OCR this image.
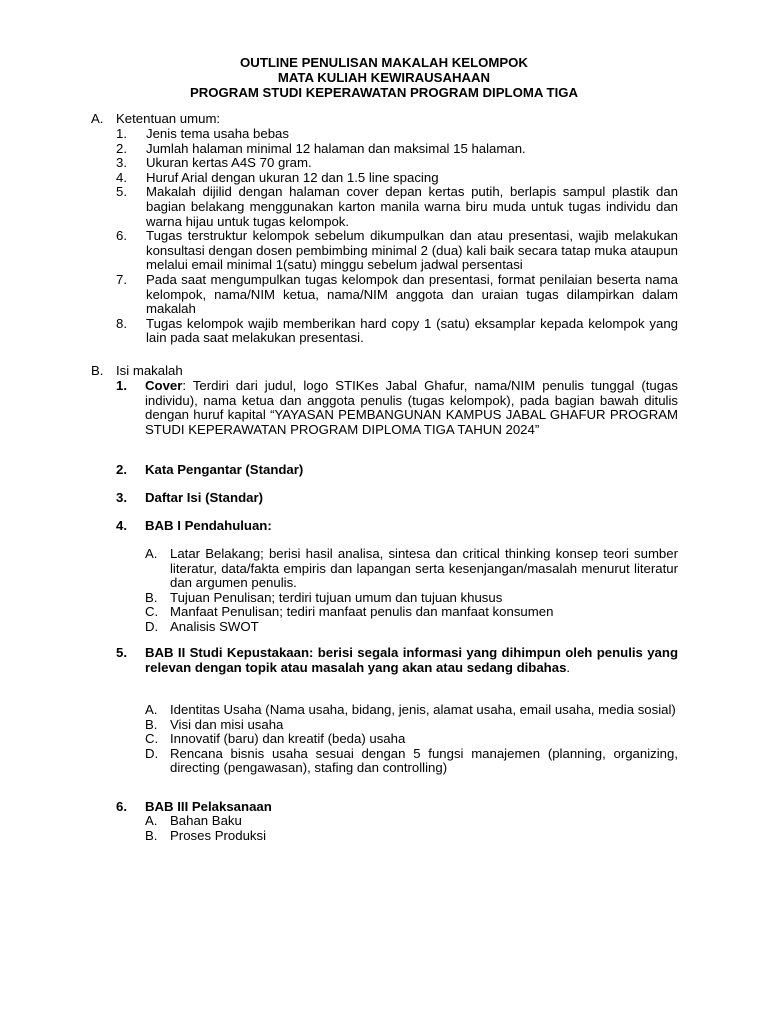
OUTLINE PENULISAN MAKALAH KELOMPOK
MATA KULIAH KEWIRAUSAHAAN
PROGRAM STUDI KEPERAWATAN PROGRAM DIPLOMA TIGA
A. Ketentuan umum:
1. Jenis tema usaha bebas
2. Jumlah halaman minimal 12 halaman dan maksimal 15 halaman.
3. Ukuran kertas A4S 70 gram.
4. Huruf Arial dengan ukuran 12 dan 1.5 line spacing
5. Makalah dijilid dengan halaman cover depan kertas putih, berlapis sampul plastik dan bagian belakang menggunakan karton manila warna biru muda untuk tugas individu dan warna hijau untuk tugas kelompok.
6. Tugas terstruktur kelompok sebelum dikumpulkan dan atau presentasi, wajib melakukan konsultasi dengan dosen pembimbing minimal 2 (dua) kali baik secara tatap muka ataupun melalui email minimal 1(satu) minggu sebelum jadwal persentasi
7. Pada saat mengumpulkan tugas kelompok dan presentasi, format penilaian beserta nama kelompok, nama/NIM ketua, nama/NIM anggota dan uraian tugas dilampirkan dalam makalah
8. Tugas kelompok wajib memberikan hard copy 1 (satu) eksamplar kepada kelompok yang lain pada saat melakukan presentasi.
B. Isi makalah
1. Cover: Terdiri dari judul, logo STIKes Jabal Ghafur, nama/NIM penulis tunggal (tugas individu), nama ketua dan anggota penulis (tugas kelompok), pada bagian bawah ditulis dengan huruf kapital “YAYASAN PEMBANGUNAN KAMPUS JABAL GHAFUR PROGRAM STUDI KEPERAWATAN PROGRAM DIPLOMA TIGA TAHUN 2024”
2. Kata Pengantar (Standar)
3. Daftar Isi (Standar)
4. BAB I Pendahuluan:
A. Latar Belakang; berisi hasil analisa, sintesa dan critical thinking konsep teori sumber literatur, data/fakta empiris dan lapangan serta kesenjangan/masalah menurut literatur dan argumen penulis.
B. Tujuan Penulisan; terdiri tujuan umum dan tujuan khusus
C. Manfaat Penulisan; tediri manfaat penulis dan manfaat konsumen
D. Analisis SWOT
5. BAB II Studi Kepustakaan: berisi segala informasi yang dihimpun oleh penulis yang relevan dengan topik atau masalah yang akan atau sedang dibahas.
A. Identitas Usaha (Nama usaha, bidang, jenis, alamat usaha, email usaha, media sosial)
B. Visi dan misi usaha
C. Innovatif (baru) dan kreatif (beda) usaha
D. Rencana bisnis usaha sesuai dengan 5 fungsi manajemen (planning, organizing, directing (pengawasan), stafing dan controlling)
6. BAB III Pelaksanaan
A. Bahan Baku
B. Proses Produksi
